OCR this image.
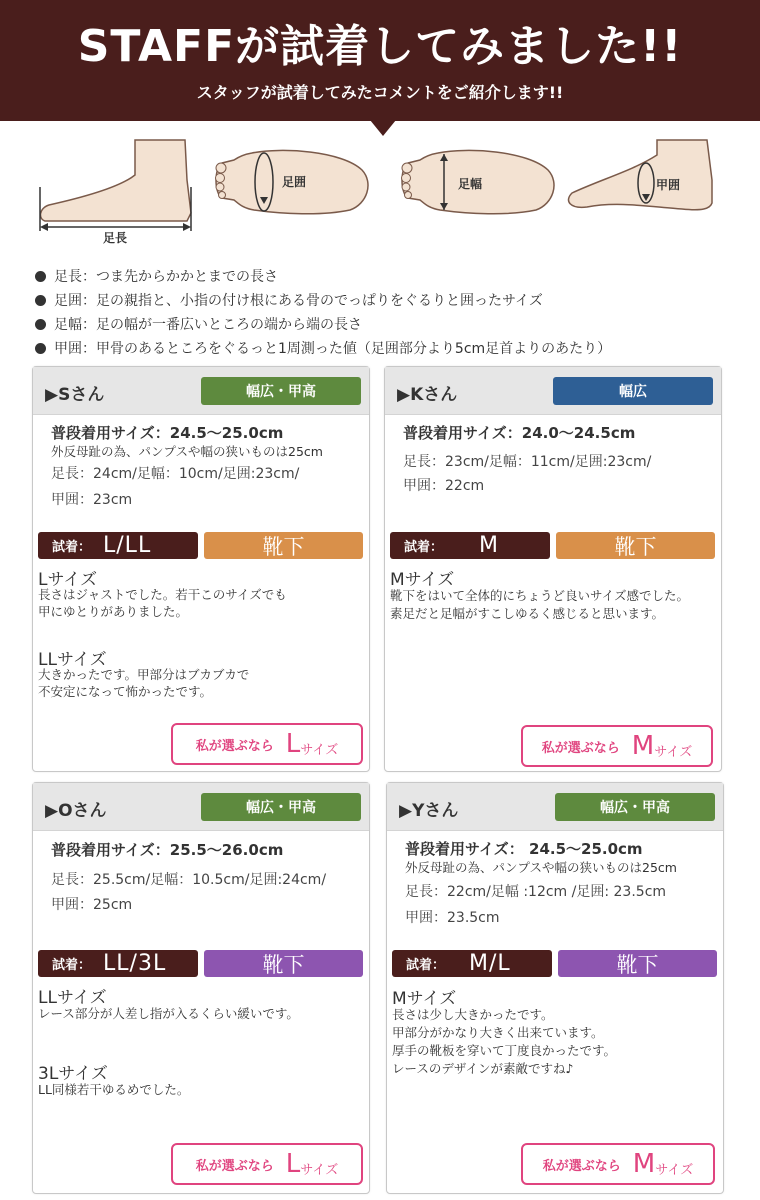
STAFFが試着してみました!!
スタッフが試着してみたコメントをご紹介します!!
足長
足囲	足幅	甲囲
足長：つま先からかかとまでの長さ
足囲：足の親指と、小指の付け根にある骨のでっぱりをぐるりと囲ったサイズ
足幅：足の幅が一番広いところの端から端の長さ
甲囲：甲骨のあるところをぐるっと1周測った値（足囲部分より5cm足首よりのあたり）
▶Sさん	幅広・甲高
普段着用サイズ：24.5～25.0cm
外反母趾の為、パンプスや幅の狭いものは25cm
足長：24cm/足幅：10cm/足囲:23cm/
甲囲：23cm
試着： L/LL	靴下
Lサイズ
長さはジャストでした。若干このサイズでも
甲にゆとりがありました。
LLサイズ
大きかったです。甲部分はブカブカで
不安定になって怖かったです。
私が選ぶなら L サイズ
▶Kさん	幅広
普段着用サイズ：24.0～24.5cm
足長：23cm/足幅：11cm/足囲:23cm/
甲囲：22cm
試着： M	靴下
Mサイズ
靴下をはいて全体的にちょうど良いサイズ感でした。
素足だと足幅がすこしゆるく感じると思います。
私が選ぶなら M サイズ
▶Oさん	幅広・甲高
普段着用サイズ：25.5～26.0cm
足長：25.5cm/足幅：10.5cm/足囲:24cm/
甲囲：25cm
試着： LL/3L	靴下
LLサイズ
レース部分が人差し指が入るくらい緩いです。
3Lサイズ
LL同様若干ゆるめでした。
私が選ぶなら L サイズ
▶Yさん	幅広・甲高
普段着用サイズ： 24.5～25.0cm
外反母趾の為、パンプスや幅の狭いものは25cm
足長：22cm/足幅 :12cm /足囲: 23.5cm
甲囲：23.5cm
試着： M/L	靴下
Mサイズ
長さは少し大きかったです。
甲部分がかなり大きく出来ています。
厚手の靴板を穿いて丁度良かったです。
レースのデザインが素敵ですね♪
私が選ぶなら M サイズ
